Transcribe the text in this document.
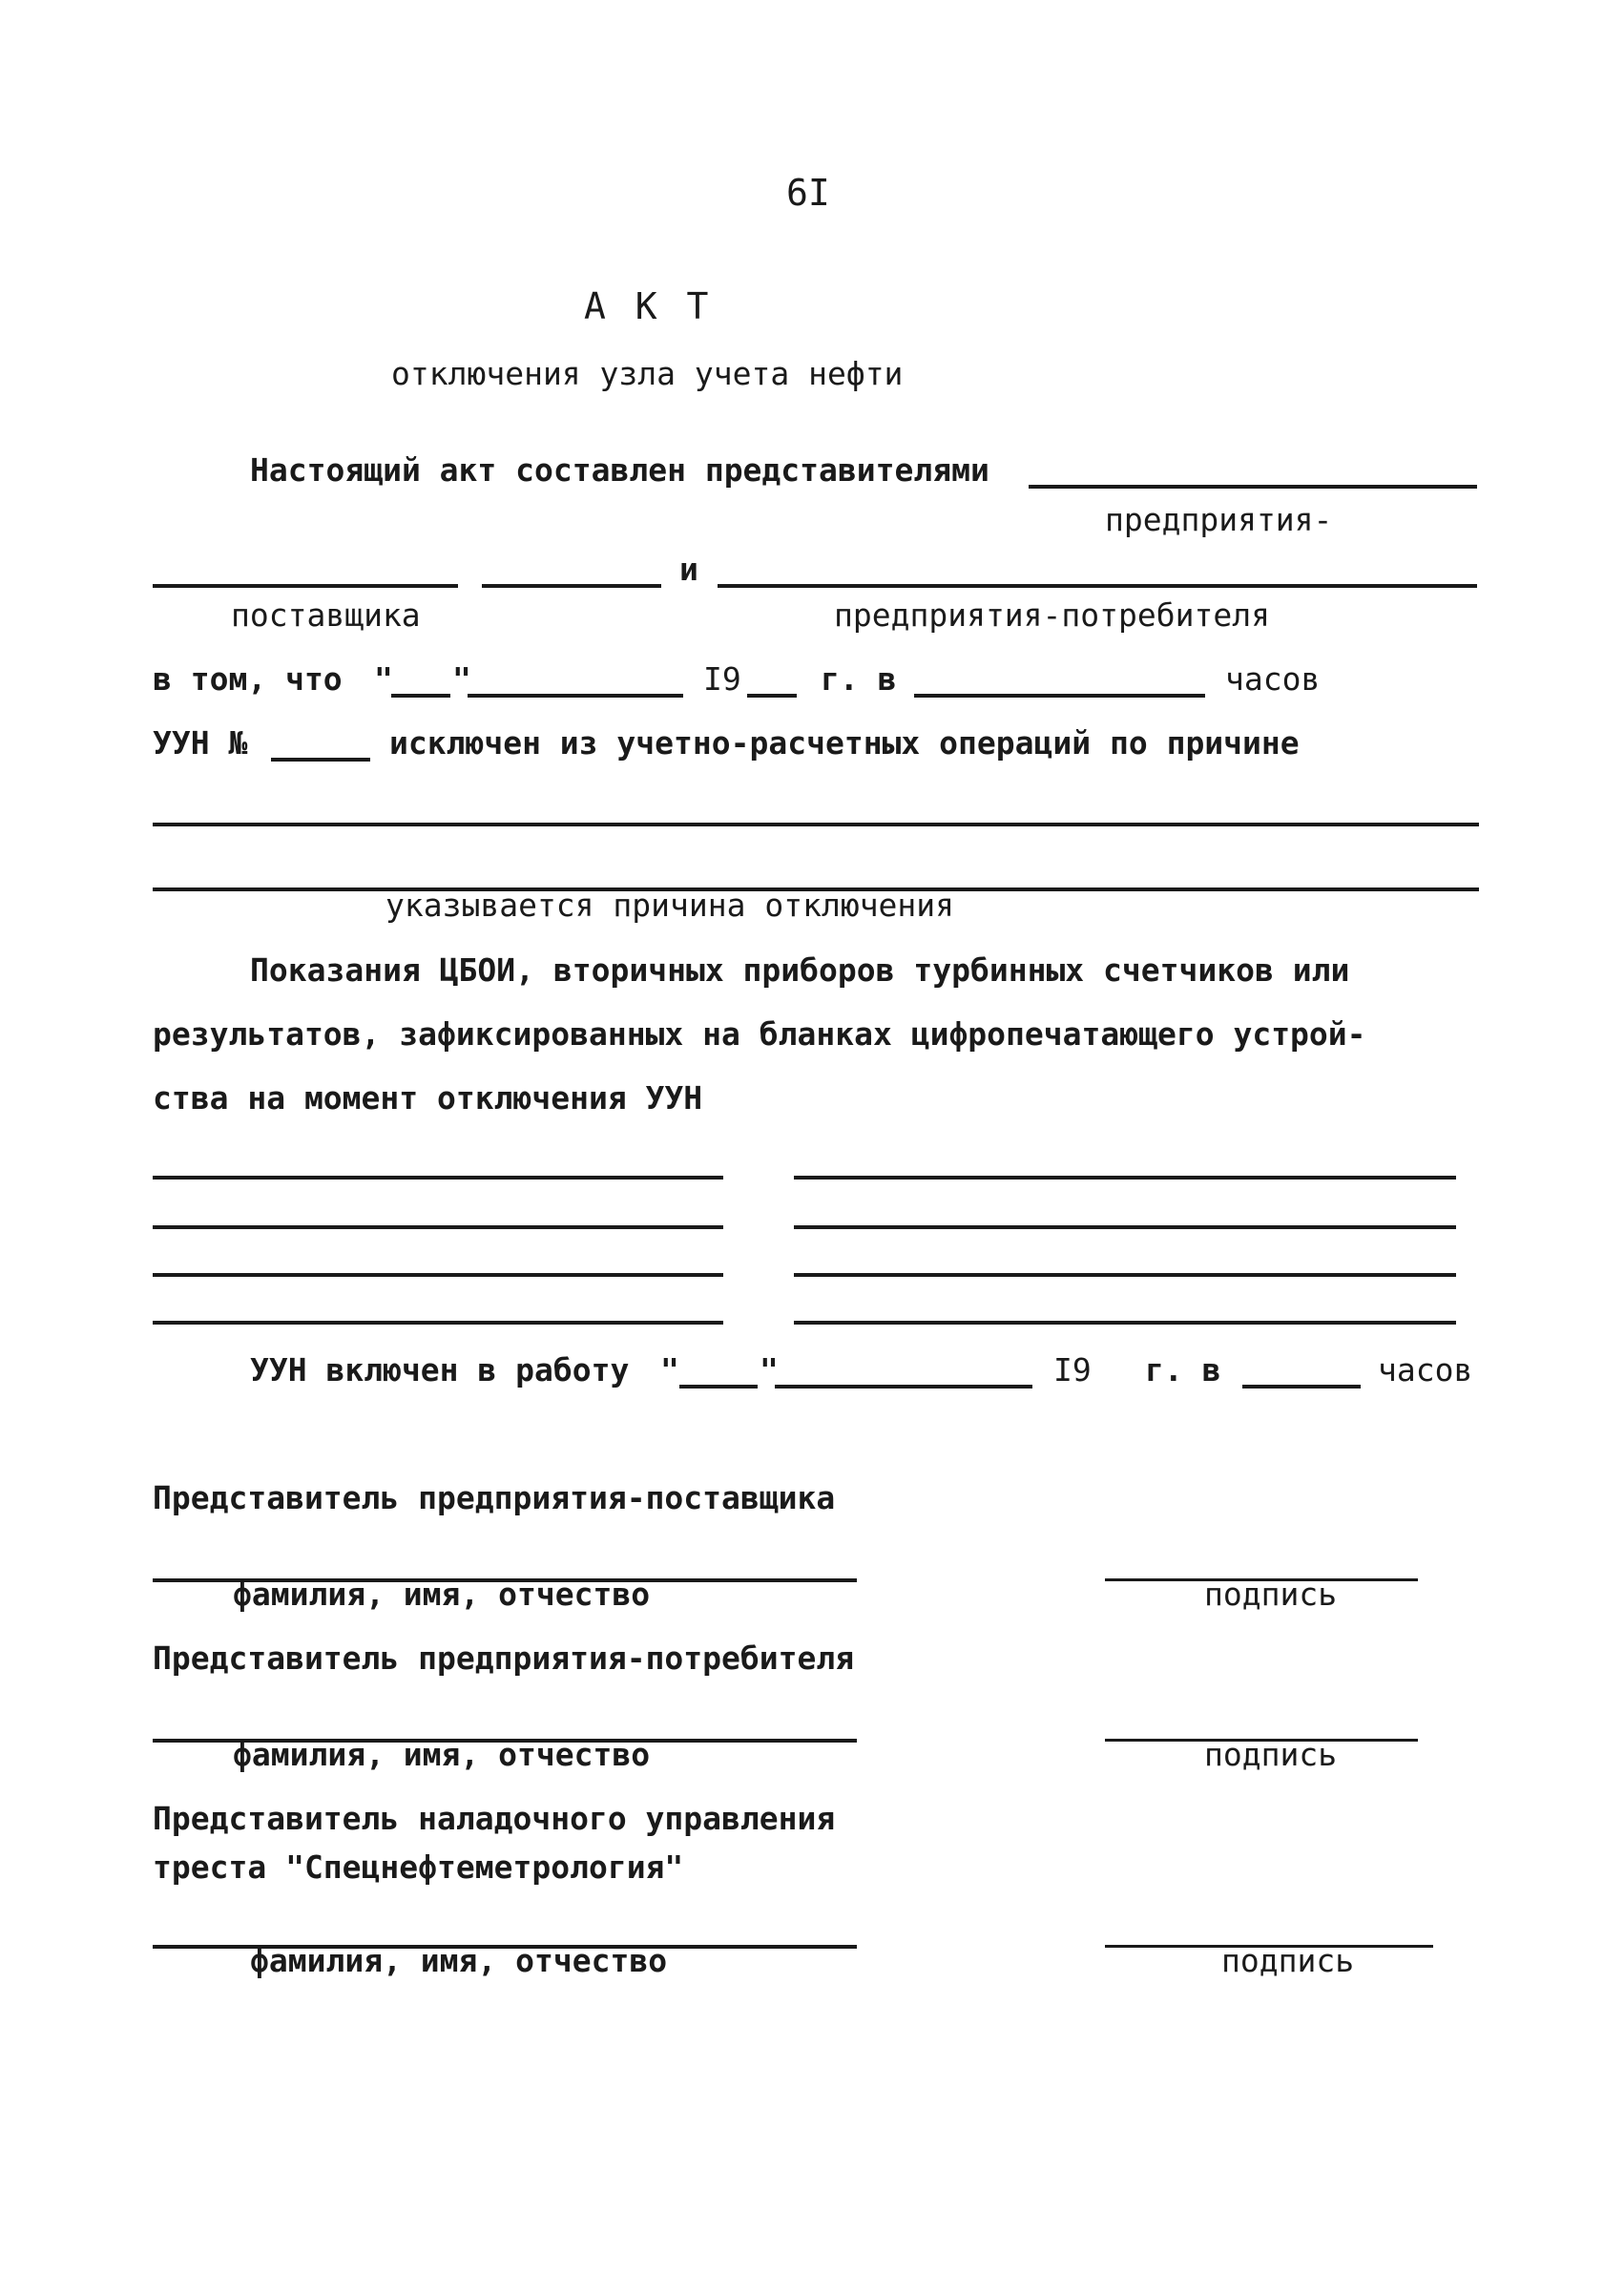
6I
А К Т
отключения узла учета нефти
Настоящий акт составлен представителями
предприятия-
и
поставщика	предприятия-потребителя
в том, что " "	I9	г. в	часов
УУН №	исключен из учетно-расчетных операций по причине
указывается причина отключения
Показания ЦБОИ, вторичных приборов турбинных счетчиков или
результатов, зафиксированных на бланках цифропечатающего устрой-
ства на момент отключения УУН
УУН включен в работу "	"	I9 г. в	часов
Представитель предприятия-поставщика
фамилия, имя, отчество	подпись
Представитель предприятия-потребителя
фамилия, имя, отчество	подпись
Представитель наладочного управления
треста "Спецнефтеметрология"
фамилия, имя, отчество	подпись
